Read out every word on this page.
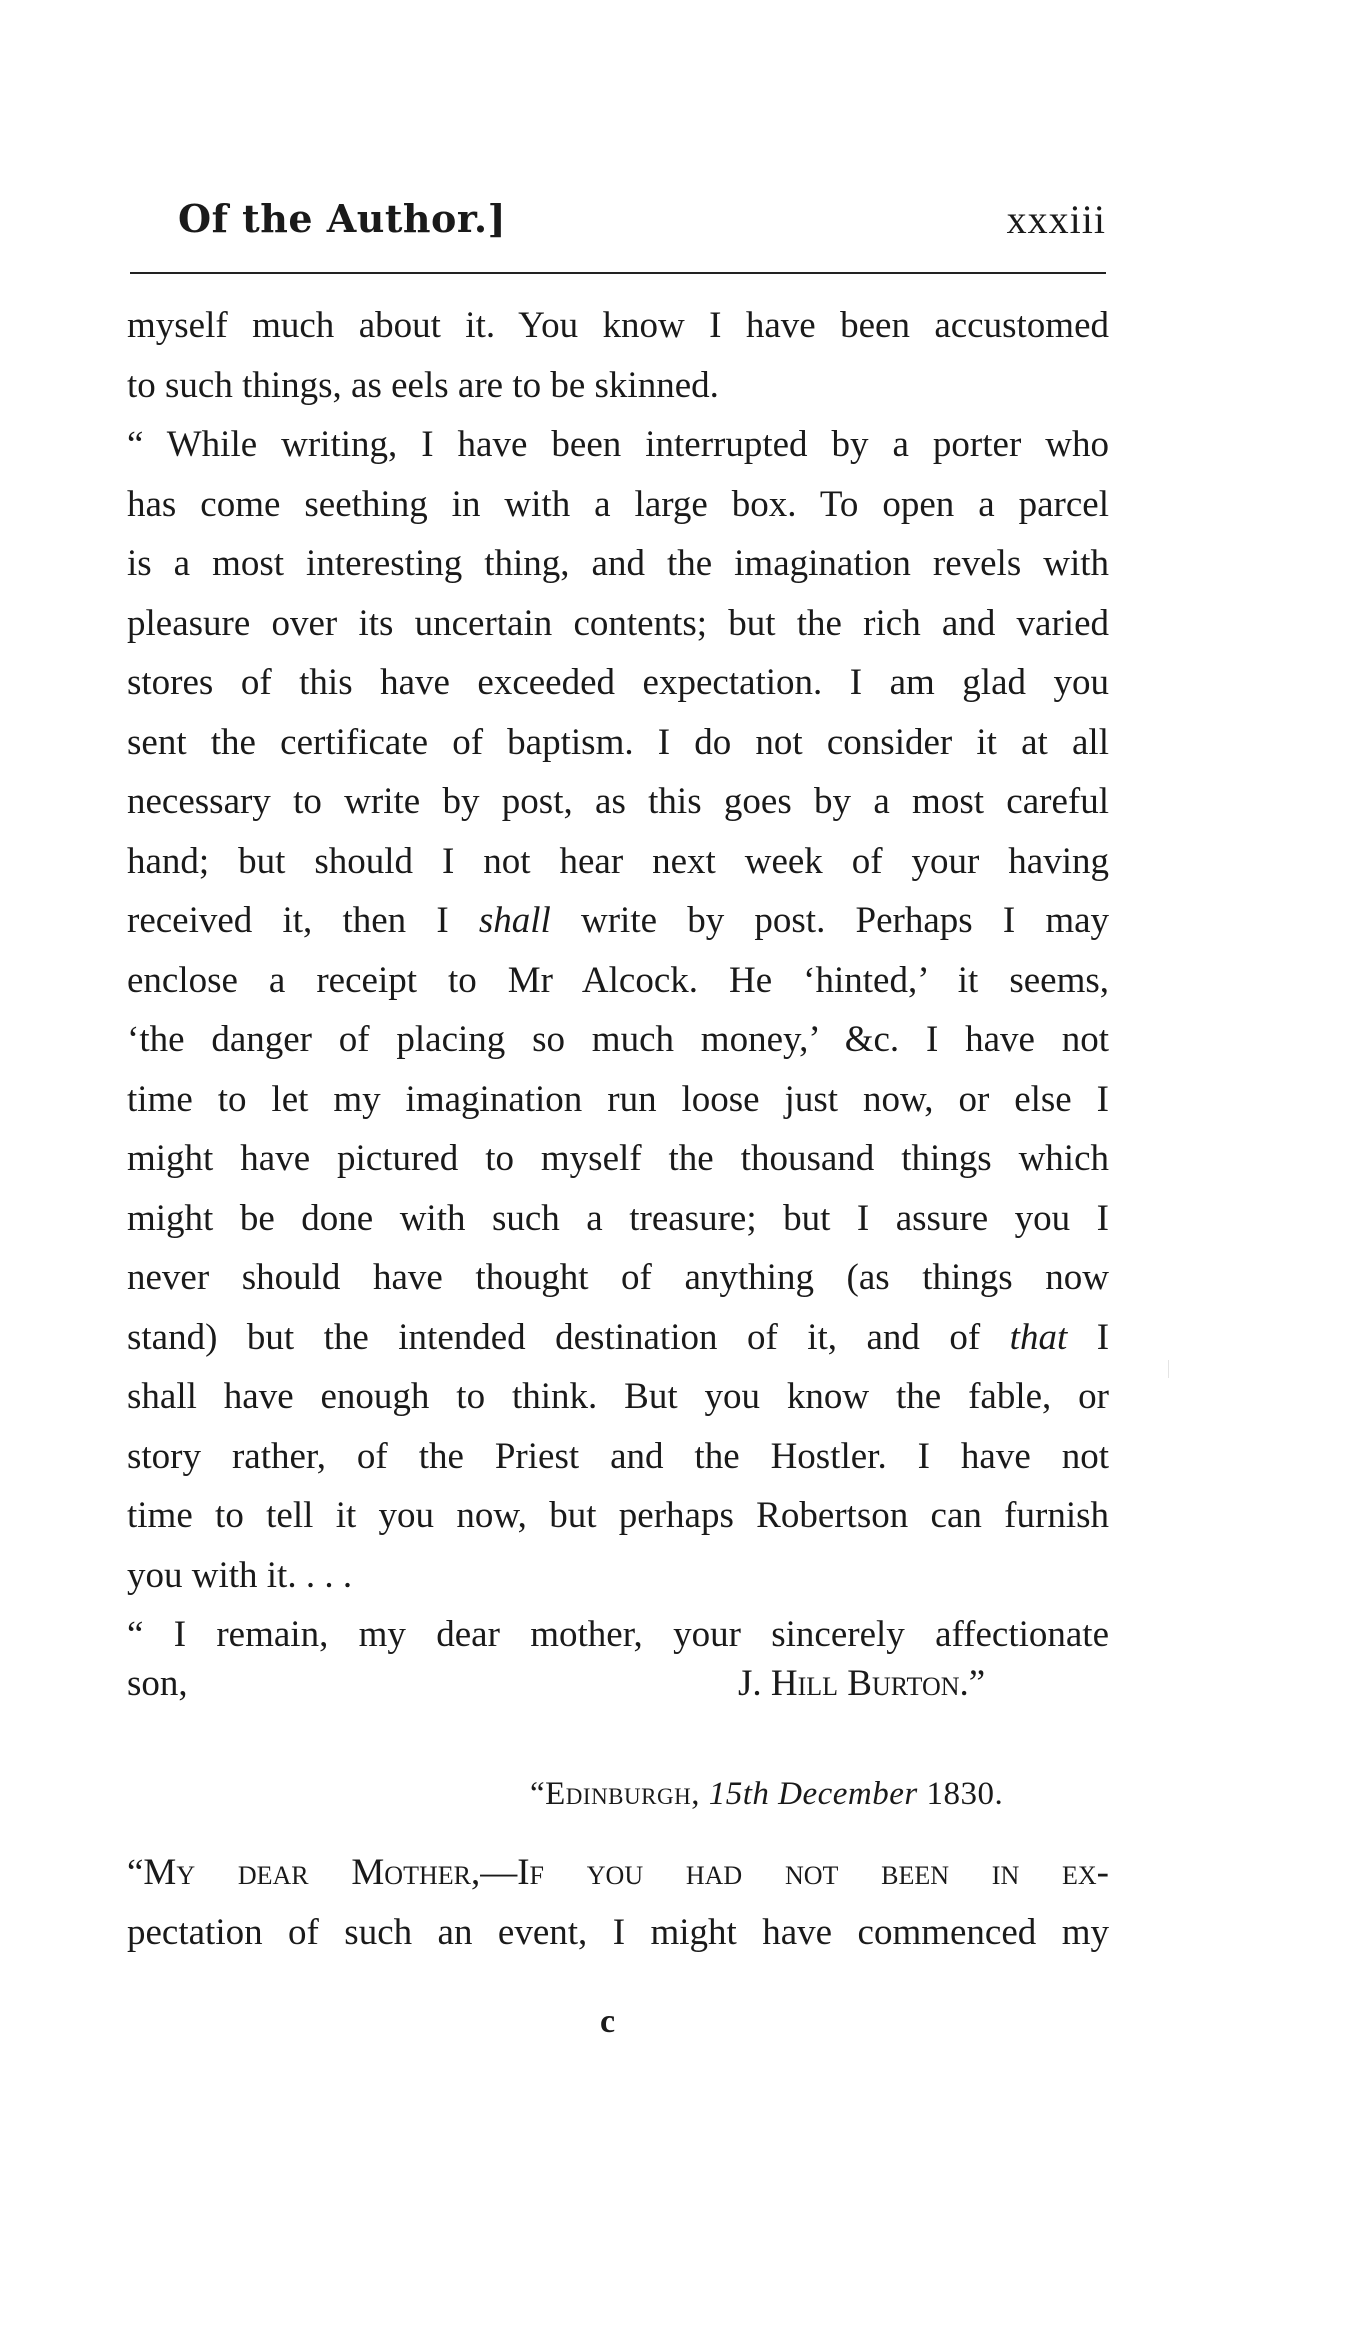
Of the Author.]	xxxiii
myself much about it. You know I have been accustomed
to such things, as eels are to be skinned.
“ While writing, I have been interrupted by a porter who
has come seething in with a large box. To open a parcel
is a most interesting thing, and the imagination revels with
pleasure over its uncertain contents; but the rich and varied
stores of this have exceeded expectation. I am glad you
sent the certificate of baptism. I do not consider it at all
necessary to write by post, as this goes by a most careful
hand; but should I not hear next week of your having
received it, then I shall write by post. Perhaps I may
enclose a receipt to Mr Alcock. He ‘hinted,’ it seems,
‘the danger of placing so much money,’ &c. I have not
time to let my imagination run loose just now, or else I
might have pictured to myself the thousand things which
might be done with such a treasure; but I assure you I
never should have thought of anything (as things now
stand) but the intended destination of it, and of that I
shall have enough to think. But you know the fable, or
story rather, of the Priest and the Hostler. I have not
time to tell it you now, but perhaps Robertson can furnish
you with it. . . .
“ I remain, my dear mother, your sincerely affectionate
son,	J. Hill Burton.”
“Edinburgh, 15th December 1830.
“My dear Mother,—If you had not been in ex-
pectation of such an event, I might have commenced my
c
